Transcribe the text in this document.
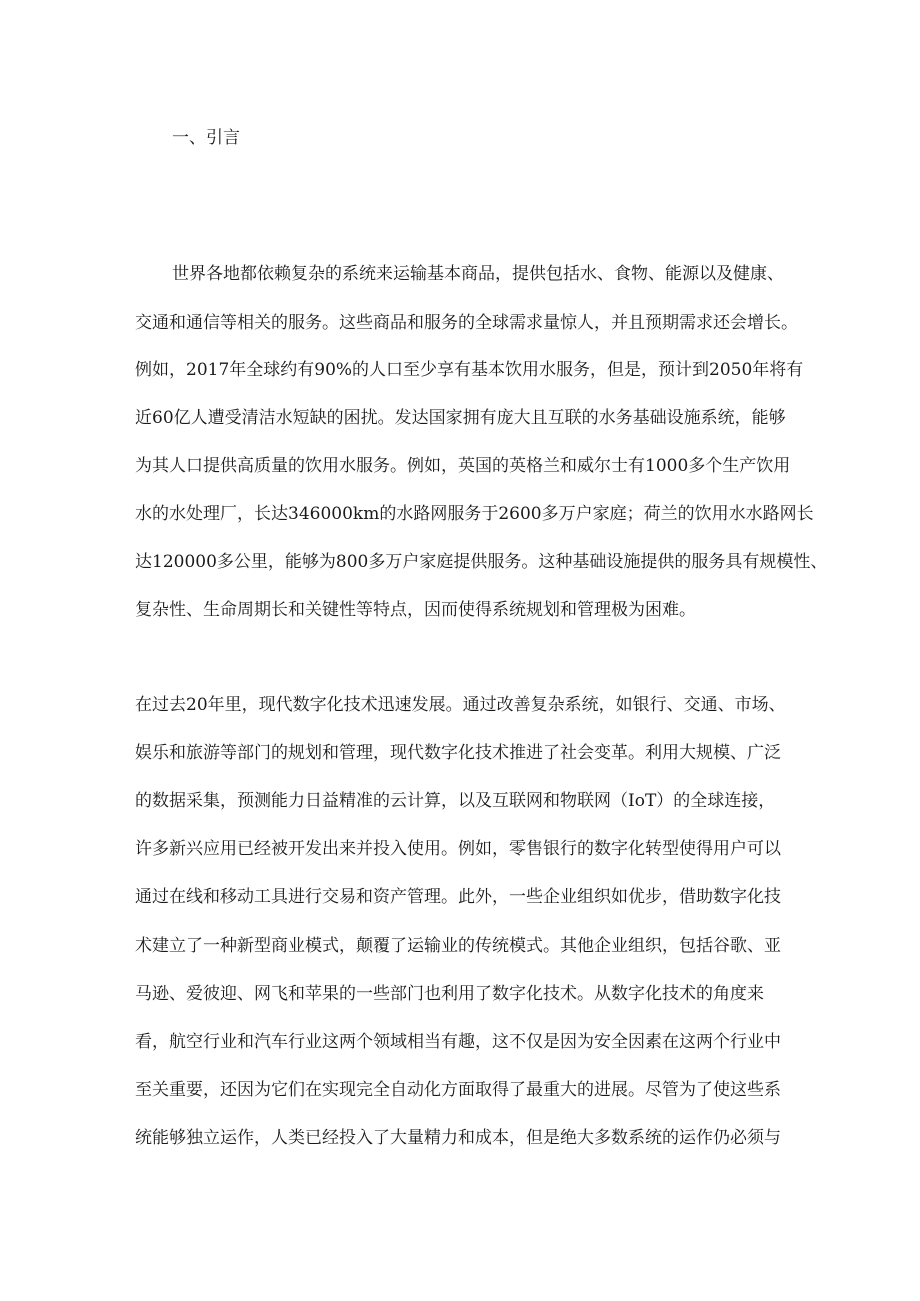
一、引言
世界各地都依赖复杂的系统来运输基本商品，提供包括水、食物、能源以及健康、
交通和通信等相关的服务。这些商品和服务的全球需求量惊人，并且预期需求还会增长。
例如，2017年全球约有90%的人口至少享有基本饮用水服务，但是，预计到2050年将有
近60亿人遭受清洁水短缺的困扰。发达国家拥有庞大且互联的水务基础设施系统，能够
为其人口提供高质量的饮用水服务。例如，英国的英格兰和威尔士有1000多个生产饮用
水的水处理厂，长达346000km的水路网服务于2600多万户家庭；荷兰的饮用水水路网长
达120000多公里，能够为800多万户家庭提供服务。这种基础设施提供的服务具有规模性、
复杂性、生命周期长和关键性等特点，因而使得系统规划和管理极为困难。
在过去20年里，现代数字化技术迅速发展。通过改善复杂系统，如银行、交通、市场、
娱乐和旅游等部门的规划和管理，现代数字化技术推进了社会变革。利用大规模、广泛
的数据采集，预测能力日益精准的云计算，以及互联网和物联网（IoT）的全球连接，
许多新兴应用已经被开发出来并投入使用。例如，零售银行的数字化转型使得用户可以
通过在线和移动工具进行交易和资产管理。此外，一些企业组织如优步，借助数字化技
术建立了一种新型商业模式，颠覆了运输业的传统模式。其他企业组织，包括谷歌、亚
马逊、爱彼迎、网飞和苹果的一些部门也利用了数字化技术。从数字化技术的角度来
看，航空行业和汽车行业这两个领域相当有趣，这不仅是因为安全因素在这两个行业中
至关重要，还因为它们在实现完全自动化方面取得了最重大的进展。尽管为了使这些系
统能够独立运作，人类已经投入了大量精力和成本，但是绝大多数系统的运作仍必须与
